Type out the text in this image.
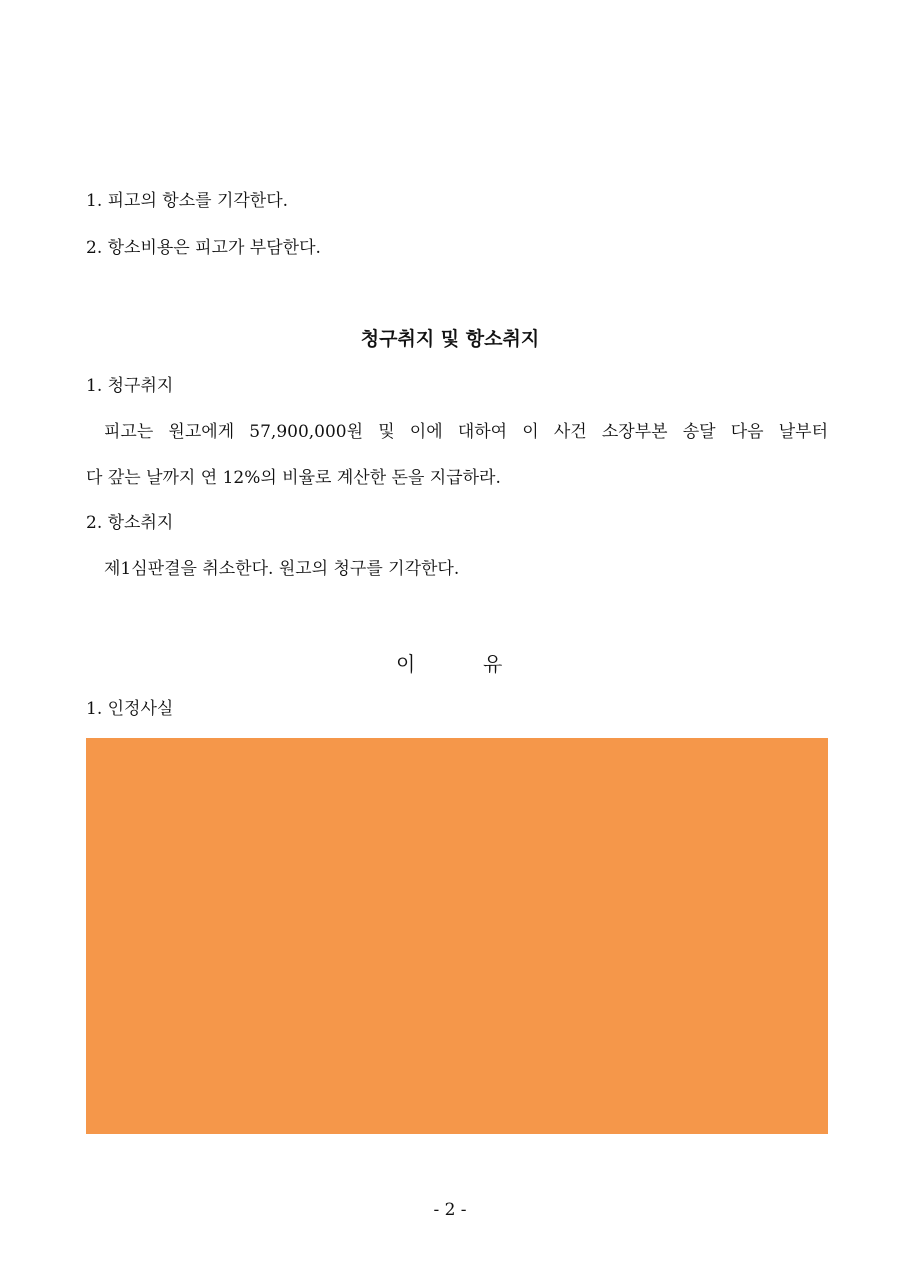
1. 피고의 항소를 기각한다.
2. 항소비용은 피고가 부담한다.
청구취지 및 항소취지
1. 청구취지
피고는 원고에게 57,900,000원 및 이에 대하여 이 사건 소장부본 송달 다음 날부터
다 갚는 날까지 연 12%의 비율로 계산한 돈을 지급하라.
2. 항소취지
제1심판결을 취소한다. 원고의 청구를 기각한다.
이	유
1. 인정사실
- 2 -
